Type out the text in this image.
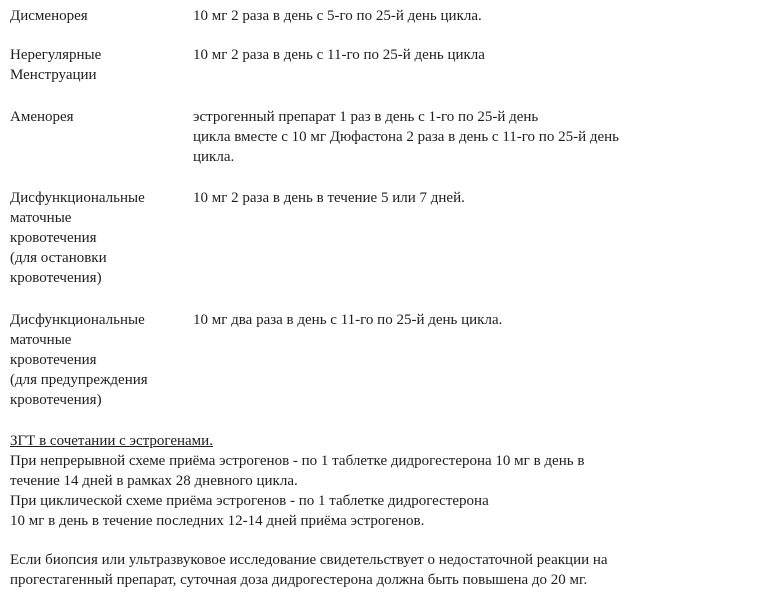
Дисменорея	10 мг 2 раза в день с 5-го по 25-й день цикла.
Нерегулярные
Менструации
10 мг 2 раза в день с 11-го по 25-й день цикла
Аменорея	эстрогенный препарат 1 раз в день с 1-го по 25-й день
цикла вместе с 10 мг Дюфастона 2 раза в день с 11-го по 25-й день
цикла.
Дисфункциональные
маточные
кровотечения
(для остановки
кровотечения)
10 мг 2 раза в день в течение 5 или 7 дней.
Дисфункциональные
маточные
кровотечения
(для предупреждения
кровотечения)
10 мг два раза в день с 11-го по 25-й день цикла.
ЗГТ в сочетании с эстрогенами.
При непрерывной схеме приёма эстрогенов - по 1 таблетке дидрогестерона 10 мг в день в
течение 14 дней в рамках 28 дневного цикла.
При циклической схеме приёма эстрогенов - по 1 таблетке дидрогестерона
10 мг в день в течение последних 12-14 дней приёма эстрогенов.
Если биопсия или ультразвуковое исследование свидетельствует о недостаточной реакции на
прогестагенный препарат, суточная доза дидрогестерона должна быть повышена до 20 мг.
